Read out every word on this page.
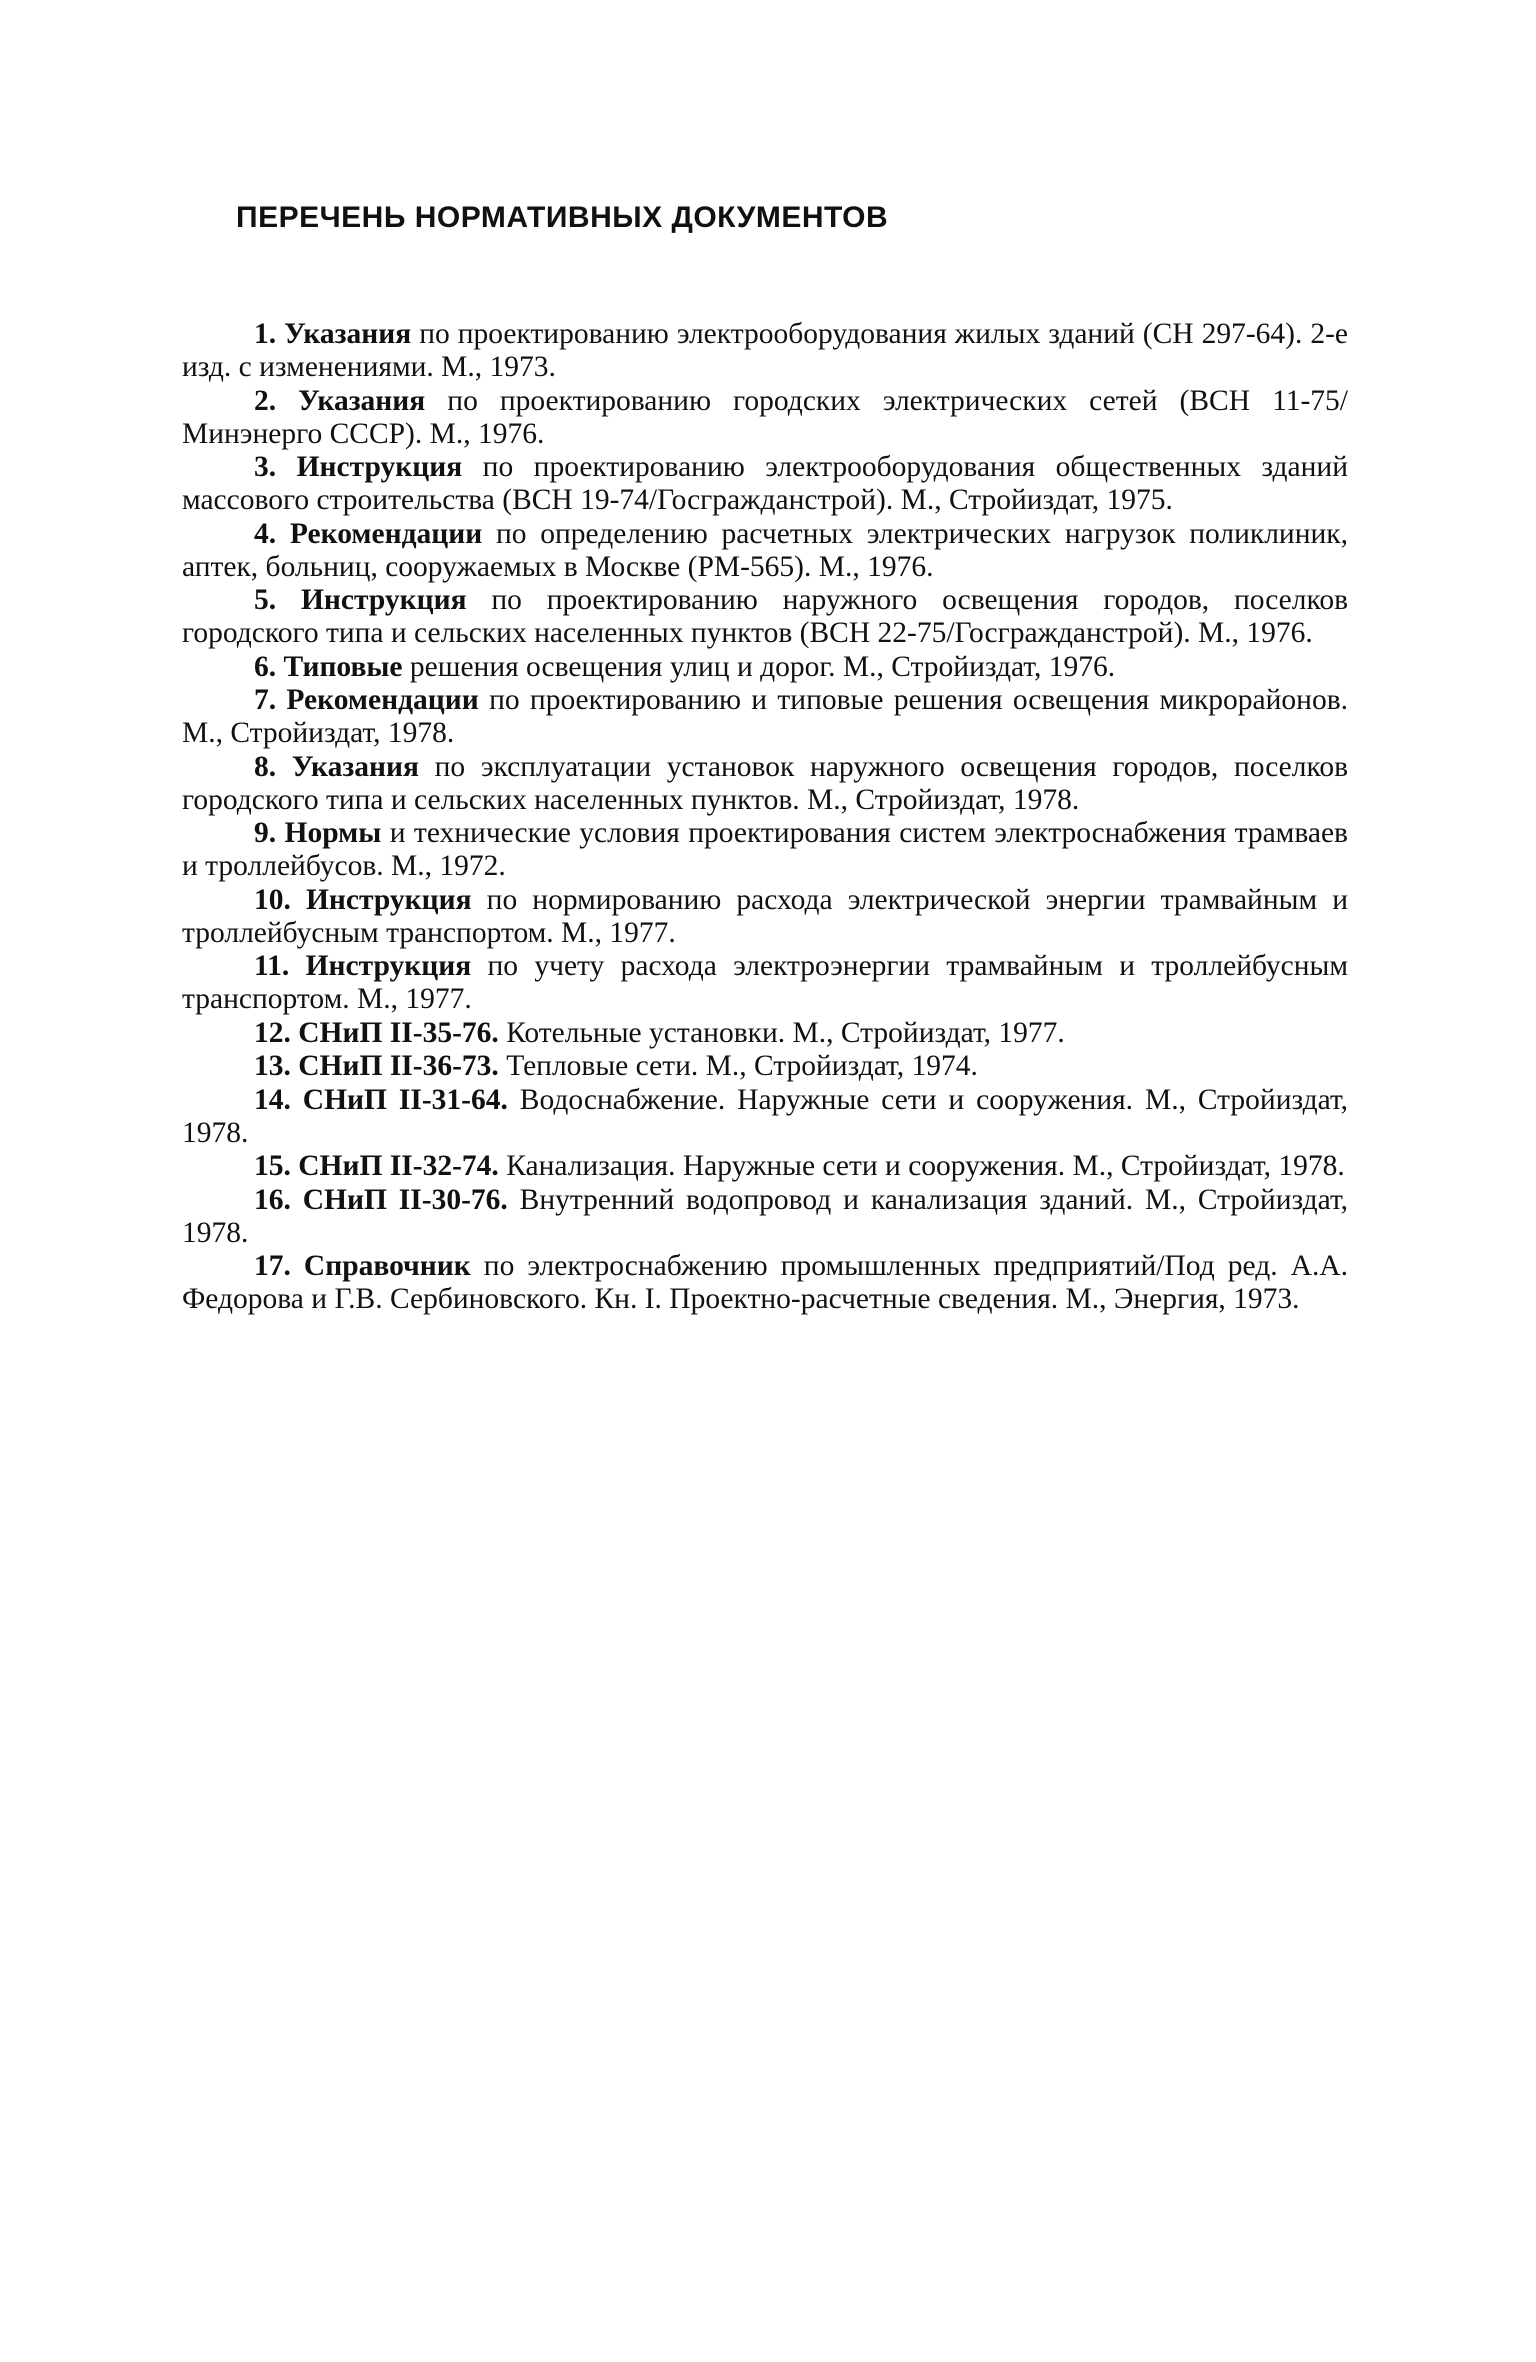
ПЕРЕЧЕНЬ НОРМАТИВНЫХ ДОКУМЕНТОВ

1. Указания по проектированию электрооборудования жилых зданий (СН 297-64). 2-е изд. с изменениями. М., 1973.

2. Указания по проектированию городских электрических сетей (ВСН 11-75/Минэнерго СССР). М., 1976.

3. Инструкция по проектированию электрооборудования общественных зданий массового строительства (ВСН 19-74/Госгражданстрой). М., Стройиздат, 1975.

4. Рекомендации по определению расчетных электрических нагрузок поликлиник, аптек, больниц, сооружаемых в Москве (РМ-565). М., 1976.

5. Инструкция по проектированию наружного освещения городов, поселков городского типа и сельских населенных пунктов (ВСН 22-75/Госгражданстрой). М., 1976.

6. Типовые решения освещения улиц и дорог. М., Стройиздат, 1976.

7. Рекомендации по проектированию и типовые решения освещения микрорайонов. М., Стройиздат, 1978.

8. Указания по эксплуатации установок наружного освещения городов, поселков городского типа и сельских населенных пунктов. М., Стройиздат, 1978.

9. Нормы и технические условия проектирования систем электроснабжения трамваев и троллейбусов. М., 1972.

10. Инструкция по нормированию расхода электрической энергии трамвайным и троллейбусным транспортом. М., 1977.

11. Инструкция по учету расхода электроэнергии трамвайным и троллейбусным транспортом. М., 1977.

12. СНиП II-35-76. Котельные установки. М., Стройиздат, 1977.

13. СНиП II-36-73. Тепловые сети. М., Стройиздат, 1974.

14. СНиП II-31-64. Водоснабжение. Наружные сети и сооружения. М., Стройиздат, 1978.

15. СНиП II-32-74. Канализация. Наружные сети и сооружения. М., Стройиздат, 1978.

16. СНиП II-30-76. Внутренний водопровод и канализация зданий. М., Стройиздат, 1978.

17. Справочник по электроснабжению промышленных предприятий/Под ред. А.А. Федорова и Г.В. Сербиновского. Кн. I. Проектно-расчетные сведения. М., Энергия, 1973.
